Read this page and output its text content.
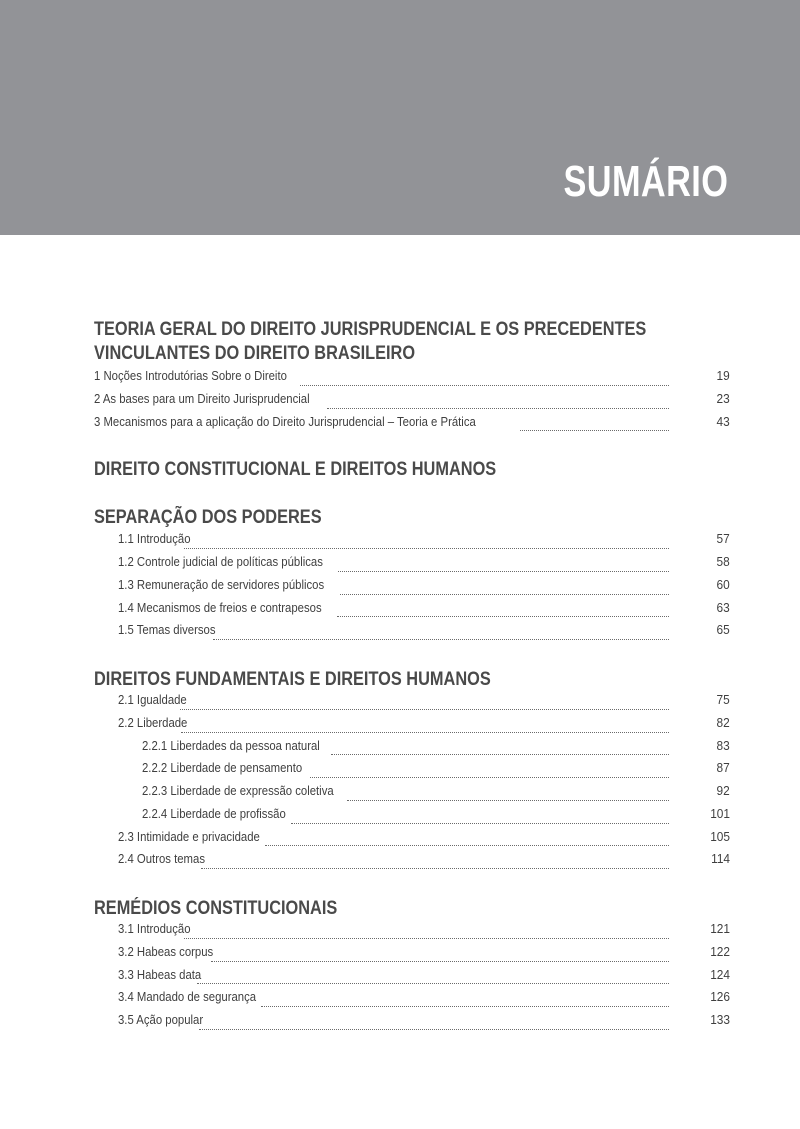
SUMÁRIO
TEORIA GERAL DO DIREITO JURISPRUDENCIAL E OS PRECEDENTES
VINCULANTES DO DIREITO BRASILEIRO
1 Noções Introdutórias Sobre o Direito	19
2 As bases para um Direito Jurisprudencial	23
3 Mecanismos para a aplicação do Direito Jurisprudencial – Teoria e Prática	43
DIREITO CONSTITUCIONAL E DIREITOS HUMANOS
SEPARAÇÃO DOS PODERES
1.1 Introdução	57
1.2 Controle judicial de políticas públicas	58
1.3 Remuneração de servidores públicos	60
1.4 Mecanismos de freios e contrapesos	63
1.5 Temas diversos	65
DIREITOS FUNDAMENTAIS E DIREITOS HUMANOS
2.1 Igualdade	75
2.2 Liberdade	82
2.2.1 Liberdades da pessoa natural	83
2.2.2 Liberdade de pensamento	87
2.2.3 Liberdade de expressão coletiva	92
2.2.4 Liberdade de profissão	101
2.3 Intimidade e privacidade	105
2.4 Outros temas	114
REMÉDIOS CONSTITUCIONAIS
3.1 Introdução	121
3.2 Habeas corpus	122
3.3 Habeas data	124
3.4 Mandado de segurança	126
3.5 Ação popular	133
